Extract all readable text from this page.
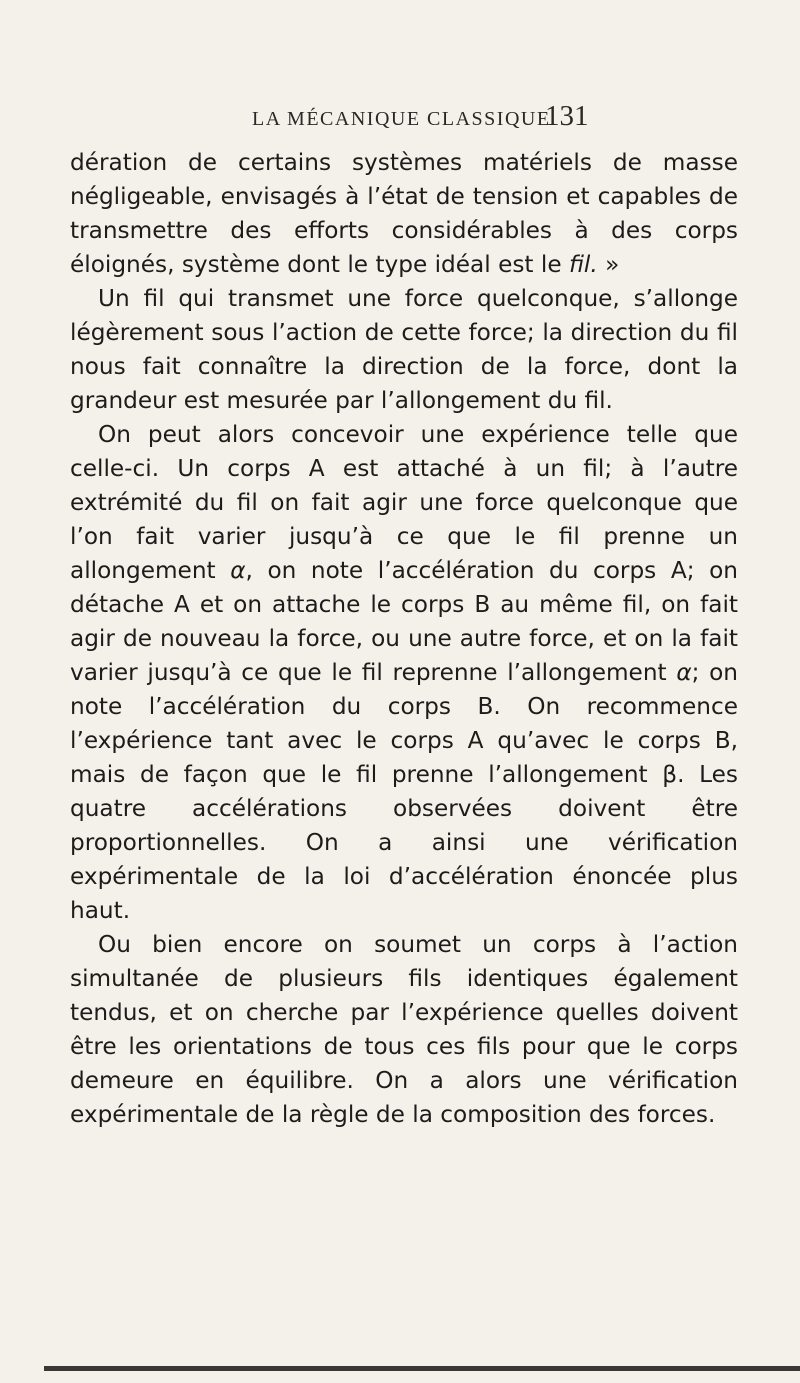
LA MÉCANIQUE CLASSIQUE
131

dération de certains systèmes matériels de masse négligeable, envisagés à l’état de tension et capables de transmettre des efforts considérables à des corps éloignés, système dont le type idéal est le fil. »

Un fil qui transmet une force quelconque, s’allonge légèrement sous l’action de cette force; la direction du fil nous fait connaître la direction de la force, dont la grandeur est mesurée par l’allongement du fil.

On peut alors concevoir une expérience telle que celle-ci. Un corps A est attaché à un fil; à l’autre extrémité du fil on fait agir une force quelconque que l’on fait varier jusqu’à ce que le fil prenne un allongement α, on note l’accélération du corps A; on détache A et on attache le corps B au même fil, on fait agir de nouveau la force, ou une autre force, et on la fait varier jusqu’à ce que le fil reprenne l’allongement α; on note l’accélération du corps B. On recommence l’expérience tant avec le corps A qu’avec le corps B, mais de façon que le fil prenne l’allongement β. Les quatre accélérations observées doivent être proportionnelles. On a ainsi une vérification expérimentale de la loi d’accélération énoncée plus haut.

Ou bien encore on soumet un corps à l’action simultanée de plusieurs fils identiques également tendus, et on cherche par l’expérience quelles doivent être les orientations de tous ces fils pour que le corps demeure en équilibre. On a alors une vérification expérimentale de la règle de la composition des forces.
